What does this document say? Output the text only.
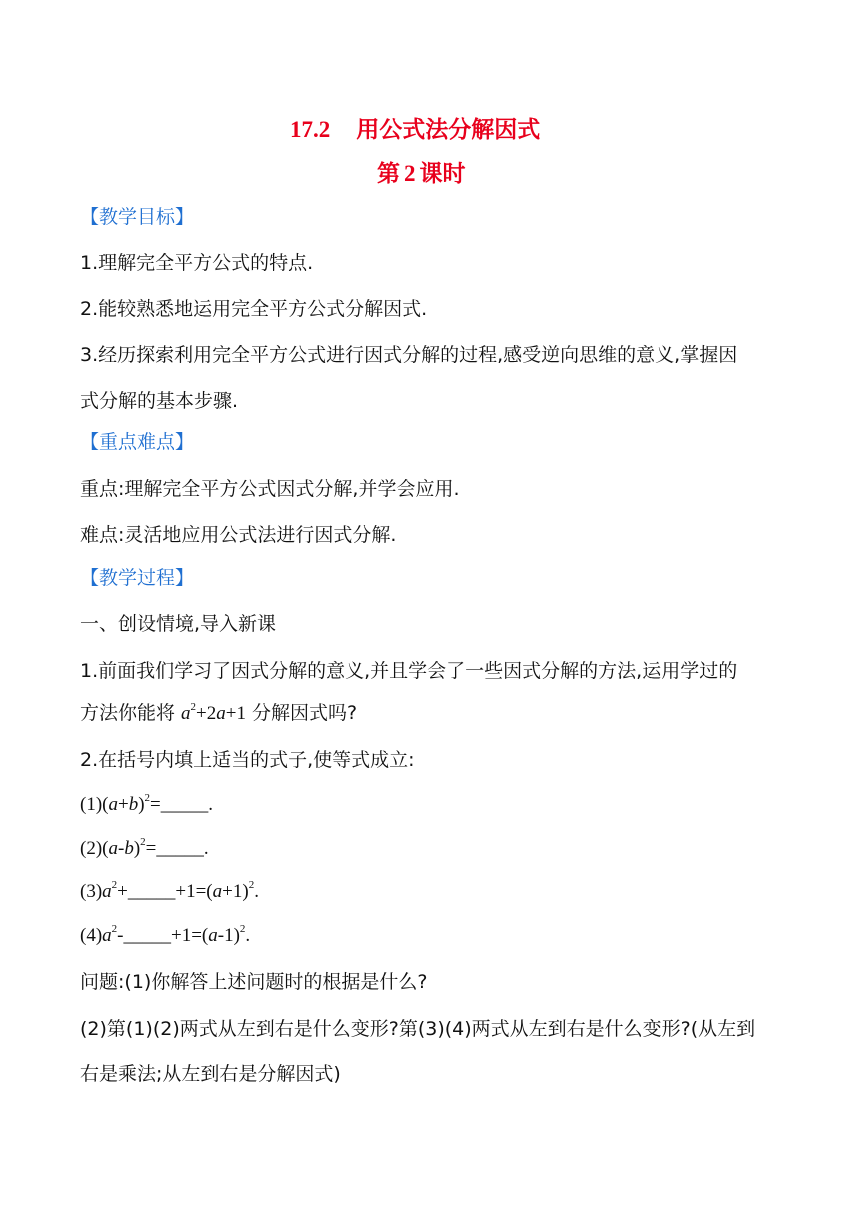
17.2 用公式法分解因式
第 2 课时
【教学目标】
1.理解完全平方公式的特点.
2.能较熟悉地运用完全平方公式分解因式.
3.经历探索利用完全平方公式进行因式分解的过程,感受逆向思维的意义,掌握因
式分解的基本步骤.
【重点难点】
重点:理解完全平方公式因式分解,并学会应用.
难点:灵活地应用公式法进行因式分解.
【教学过程】
一、创设情境,导入新课
1.前面我们学习了因式分解的意义,并且学会了一些因式分解的方法,运用学过的
方法你能将 $a^2+2a+1$ 分解因式吗?
2.在括号内填上适当的式子,使等式成立:
$(1)(a+b)^2=\_\_\_\_\_$.
$(2)(a-b)^2=\_\_\_\_\_$.
$(3)a^2+\_\_\_\_\_+1=(a+1)^2$.
$(4)a^2-\_\_\_\_\_+1=(a-1)^2$.
问题:(1)你解答上述问题时的根据是什么?
(2)第(1)(2)两式从左到右是什么变形?第(3)(4)两式从左到右是什么变形?(从左到
右是乘法;从左到右是分解因式)
